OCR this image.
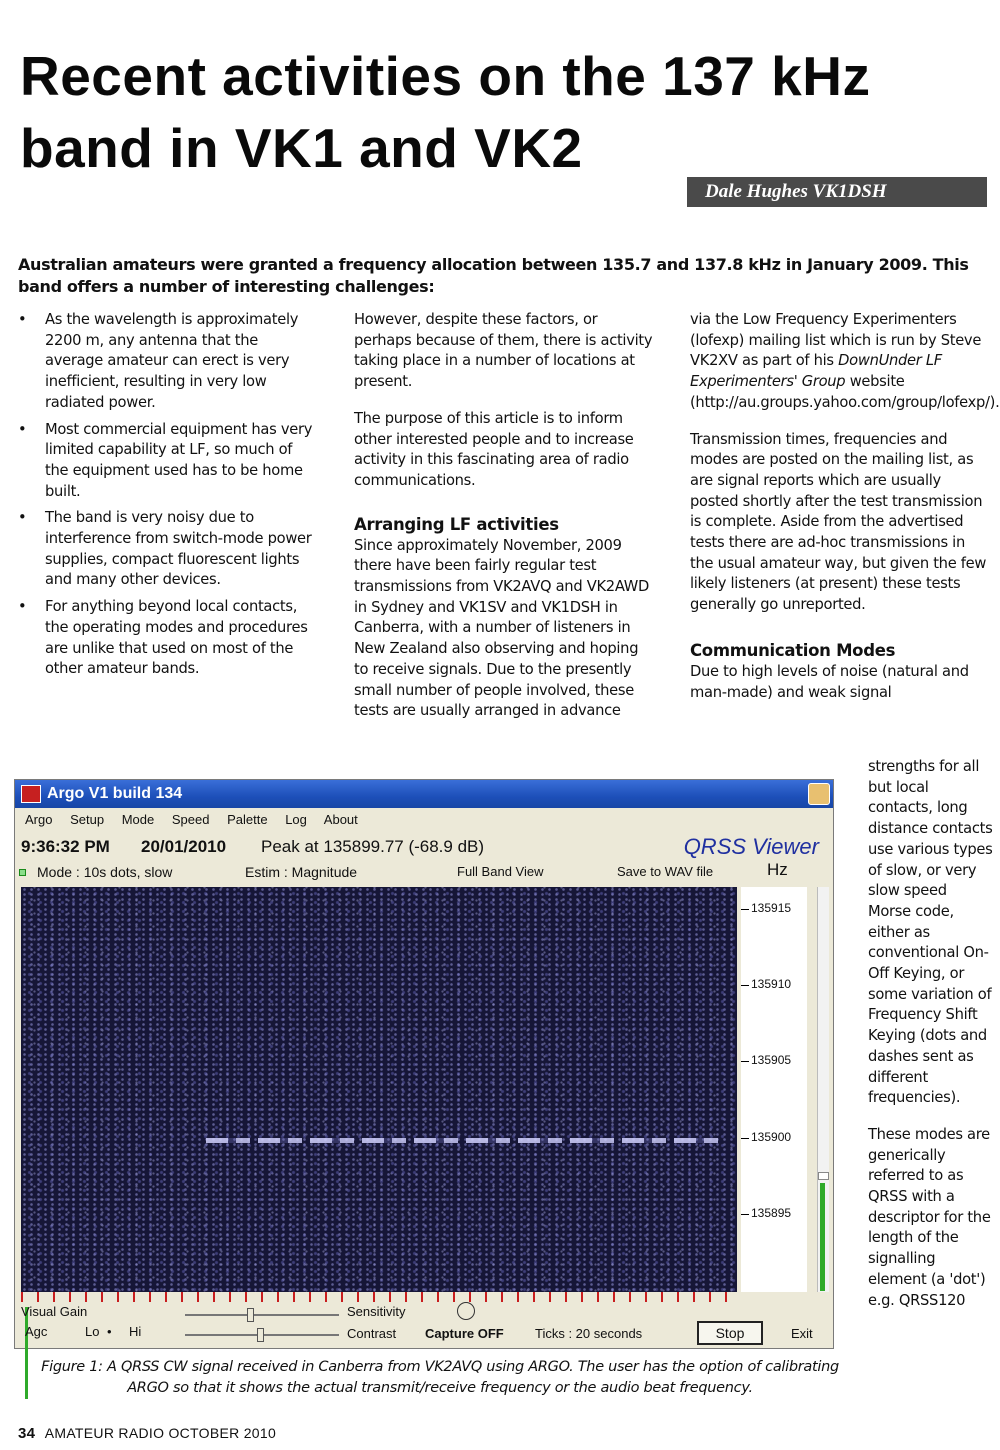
Recent activities on the 137 kHz
band in VK1 and VK2
Dale Hughes VK1DSH

Australian amateurs were granted a frequency allocation between 135.7 and 137.8 kHz in January 2009. This band offers a number of interesting challenges:

• As the wavelength is approximately 2200 m, any antenna that the average amateur can erect is very inefficient, resulting in very low radiated power.
• Most commercial equipment has very limited capability at LF, so much of the equipment used has to be home built.
• The band is very noisy due to interference from switch-mode power supplies, compact fluorescent lights and many other devices.
• For anything beyond local contacts, the operating modes and procedures are unlike that used on most of the other amateur bands.

However, despite these factors, or perhaps because of them, there is activity taking place in a number of locations at present.

The purpose of this article is to inform other interested people and to increase activity in this fascinating area of radio communications.

Arranging LF activities

Since approximately November, 2009 there have been fairly regular test transmissions from VK2AVQ and VK2AWD in Sydney and VK1SV and VK1DSH in Canberra, with a number of listeners in New Zealand also observing and hoping to receive signals. Due to the presently small number of people involved, these tests are usually arranged in advance

via the Low Frequency Experimenters (lofexp) mailing list which is run by Steve VK2XV as part of his DownUnder LF Experimenters' Group website (http://au.groups.yahoo.com/group/lofexp/).

Transmission times, frequencies and modes are posted on the mailing list, as are signal reports which are usually posted shortly after the test transmission is complete. Aside from the advertised tests there are ad-hoc transmissions in the usual amateur way, but given the few likely listeners (at present) these tests generally go unreported.

Communication Modes

Due to high levels of noise (natural and man-made) and weak signal

strengths for all but local contacts, long distance contacts use various types of slow, or very slow speed Morse code, either as conventional On-Off Keying, or some variation of Frequency Shift Keying (dots and dashes sent as different frequencies).

These modes are generically referred to as QRSS with a descriptor for the length of the signalling element (a 'dot') e.g. QRSS120

Argo V1 build 134
Argo Setup Mode Speed Palette Log About
9:36:32 PM 20/01/2010 Peak at 135899.77 (-68.9 dB)	QRSS Viewer
Mode : 10s dots, slow	Estim : Magnitude	Full Band View	Save to WAV file	Hz
135915
135910
135905
135900
135895
Visual Gain
Agc	Lo • Hi
Sensitivity
Contrast Capture OFF Ticks : 20 seconds	Stop	Exit

Figure 1: A QRSS CW signal received in Canberra from VK2AVQ using ARGO. The user has the option of calibrating ARGO so that it shows the actual transmit/receive frequency or the audio beat frequency.

34 AMATEUR RADIO OCTOBER 2010
